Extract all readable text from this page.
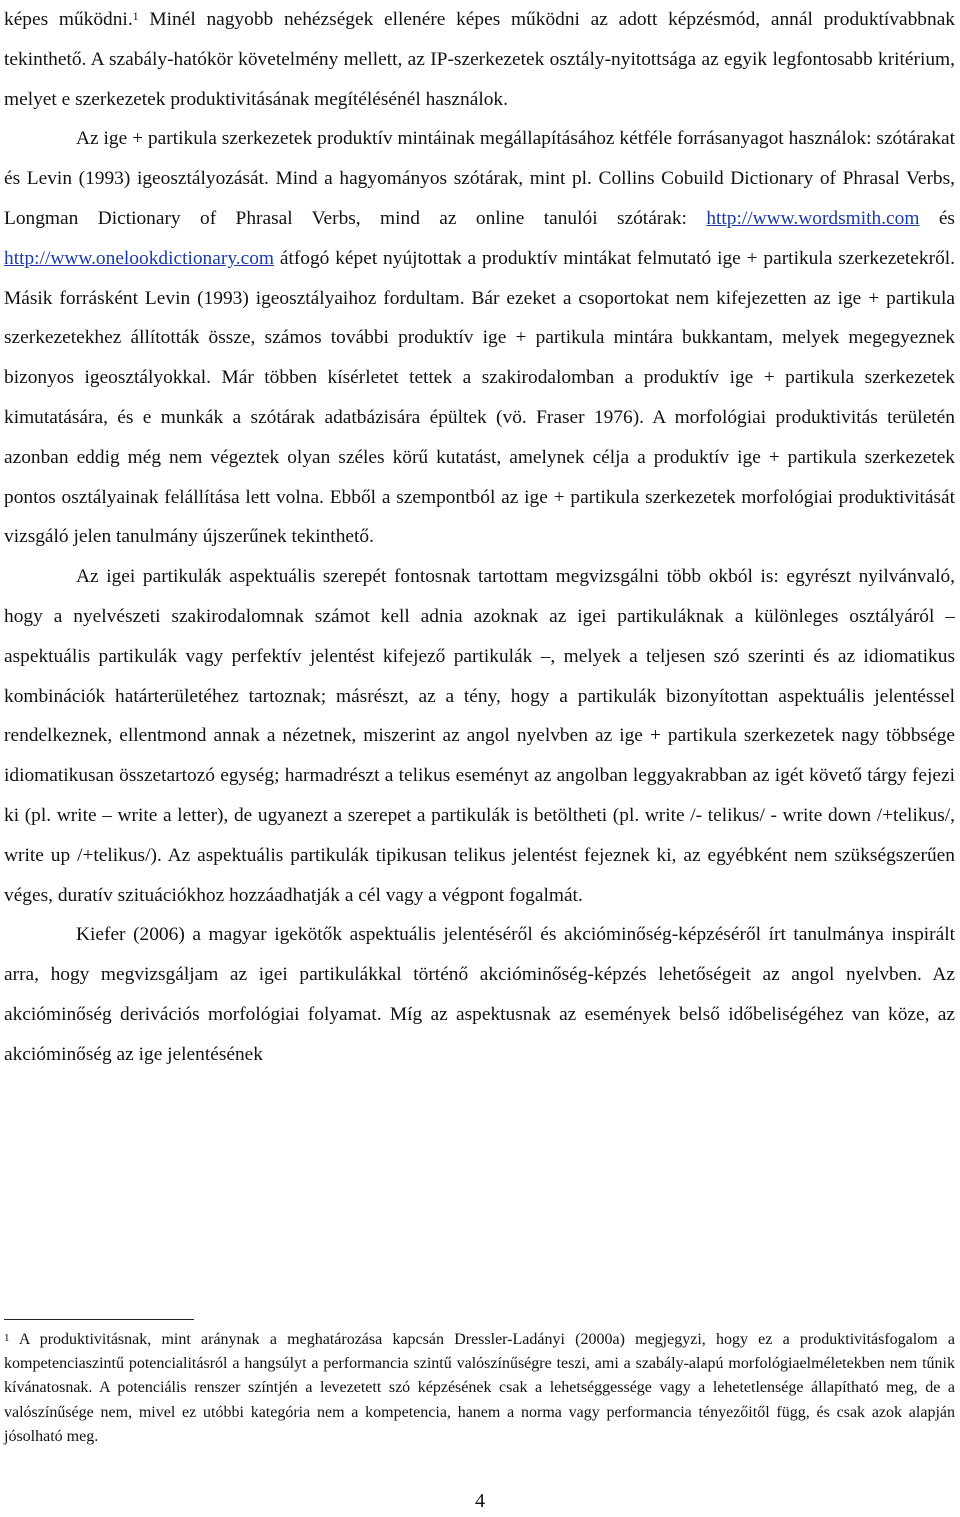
képes működni.$^1$ Minél nagyobb nehézségek ellenére képes működni az adott képzésmód, annál produktívabbnak tekinthető. A szabály-hatókör követelmény mellett, az IP-szerkezetek osztály-nyitottsága az egyik legfontosabb kritérium, melyet e szerkezetek produktivitásának megítélésénél használok.

Az ige + partikula szerkezetek produktív mintáinak megállapításához kétféle forrásanyagot használok: szótárakat és Levin (1993) igeosztályozását. Mind a hagyományos szótárak, mint pl. Collins Cobuild Dictionary of Phrasal Verbs, Longman Dictionary of Phrasal Verbs, mind az online tanulói szótárak: http://www.wordsmith.com és http://www.onelookdictionary.com átfogó képet nyújtottak a produktív mintákat felmutató ige + partikula szerkezetekről. Másik forrásként Levin (1993) igeosztályaihoz fordultam. Bár ezeket a csoportokat nem kifejezetten az ige + partikula szerkezetekhez állították össze, számos további produktív ige + partikula mintára bukkantam, melyek megegyeznek bizonyos igeosztályokkal. Már többen kísérletet tettek a szakirodalomban a produktív ige + partikula szerkezetek kimutatására, és e munkák a szótárak adatbázisára épültek (vö. Fraser 1976). A morfológiai produktivitás területén azonban eddig még nem végeztek olyan széles körű kutatást, amelynek célja a produktív ige + partikula szerkezetek pontos osztályainak felállítása lett volna. Ebből a szempontból az ige + partikula szerkezetek morfológiai produktivitását vizsgáló jelen tanulmány újszerűnek tekinthető.

Az igei partikulák aspektuális szerepét fontosnak tartottam megvizsgálni több okból is: egyrészt nyilvánvaló, hogy a nyelvészeti szakirodalomnak számot kell adnia azoknak az igei partikuláknak a különleges osztályáról – aspektuális partikulák vagy perfektív jelentést kifejező partikulák –, melyek a teljesen szó szerinti és az idiomatikus kombinációk határterületéhez tartoznak; másrészt, az a tény, hogy a partikulák bizonyítottan aspektuális jelentéssel rendelkeznek, ellentmond annak a nézetnek, miszerint az angol nyelvben az ige + partikula szerkezetek nagy többsége idiomatikusan összetartozó egység; harmadrészt a telikus eseményt az angolban leggyakrabban az igét követő tárgy fejezi ki (pl. write – write a letter), de ugyanezt a szerepet a partikulák is betöltheti (pl. write /- telikus/ - write down /+telikus/, write up /+telikus/). Az aspektuális partikulák tipikusan telikus jelentést fejeznek ki, az egyébként nem szükségszerűen véges, duratív szituációkhoz hozzáadhatják a cél vagy a végpont fogalmát.

Kiefer (2006) a magyar igekötők aspektuális jelentéséről és akcióminőség-képzéséről írt tanulmánya inspirált arra, hogy megvizsgáljam az igei partikulákkal történő akcióminőség-képzés lehetőségeit az angol nyelvben. Az akcióminőség derivációs morfológiai folyamat. Míg az aspektusnak az események belső időbeliségéhez van köze, az akcióminőség az ige jelentésének

$^1$ A produktivitásnak, mint aránynak a meghatározása kapcsán Dressler-Ladányi (2000a) megjegyzi, hogy ez a produktivitásfogalom a kompetenciaszintű potencialitásról a hangsúlyt a performancia szintű valószínűségre teszi, ami a szabály-alapú morfológiaelméletekben nem tűnik kívánatosnak. A potenciális renszer színtjén a levezetett szó képzésének csak a lehetséggessége vagy a lehetetlensége állapítható meg, de a valószínűsége nem, mivel ez utóbbi kategória nem a kompetencia, hanem a norma vagy performancia tényezőitől függ, és csak azok alapján jósolható meg.

4
